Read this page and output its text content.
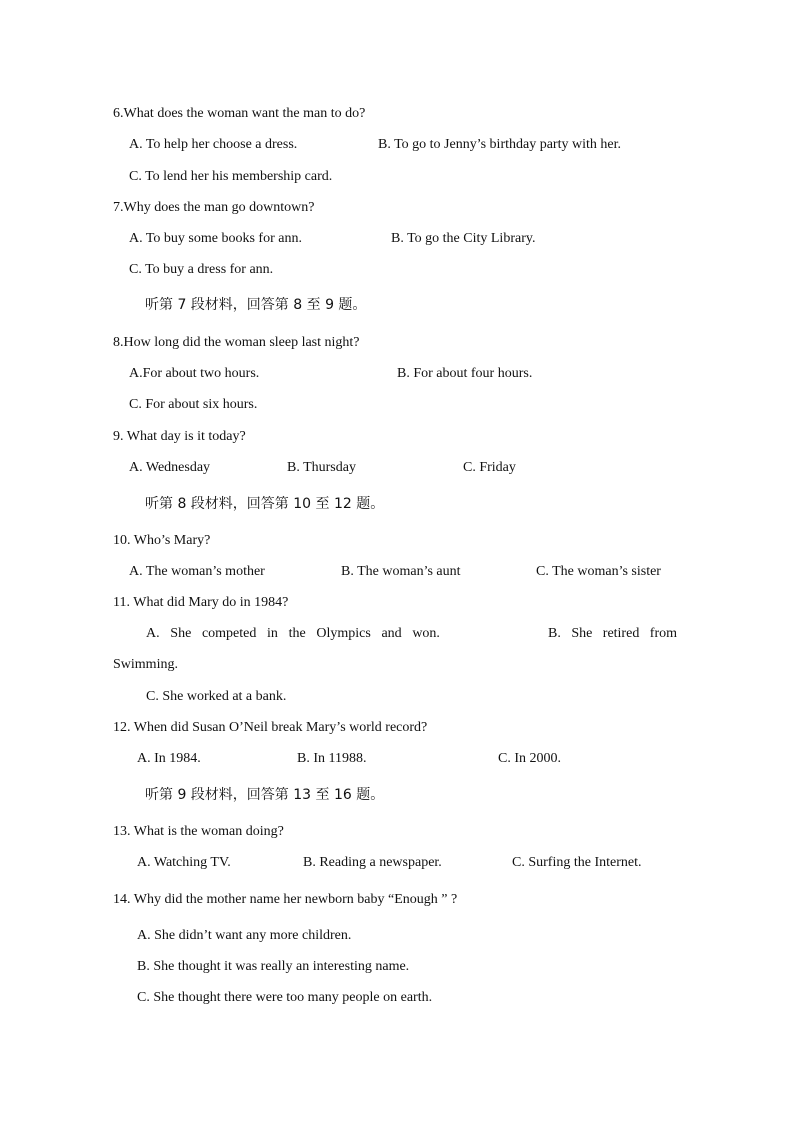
6.What does the woman want the man to do?
A. To help her choose a dress.	B. To go to Jenny’s birthday party with her.
C. To lend her his membership card.
7.Why does the man go downtown?
A. To buy some books for ann.	B. To go the City Library.
C. To buy a dress for ann.
听第 7 段材料，回答第 8 至 9 题。
8.How long did the woman sleep last night?
A.For about two hours.	B. For about four hours.
C. For about six hours.
9. What day is it today?
A. Wednesday	B. Thursday	C. Friday
听第 8 段材料，回答第 10 至 12 题。
10. Who’s Mary?
A. The woman’s mother	B. The woman’s aunt	C. The woman’s sister
11. What did Mary do in 1984?
A. She competed in the Olympics and won.	B. She retired from
Swimming.
C. She worked at a bank.
12. When did Susan O’Neil break Mary’s world record?
A. In 1984.	B. In 11988.	C. In 2000.
听第 9 段材料，回答第 13 至 16 题。
13. What is the woman doing?
A. Watching TV.	B. Reading a newspaper.	C. Surfing the Internet.
14. Why did the mother name her newborn baby “Enough ” ?
A. She didn’t want any more children.
B. She thought it was really an interesting name.
C. She thought there were too many people on earth.
